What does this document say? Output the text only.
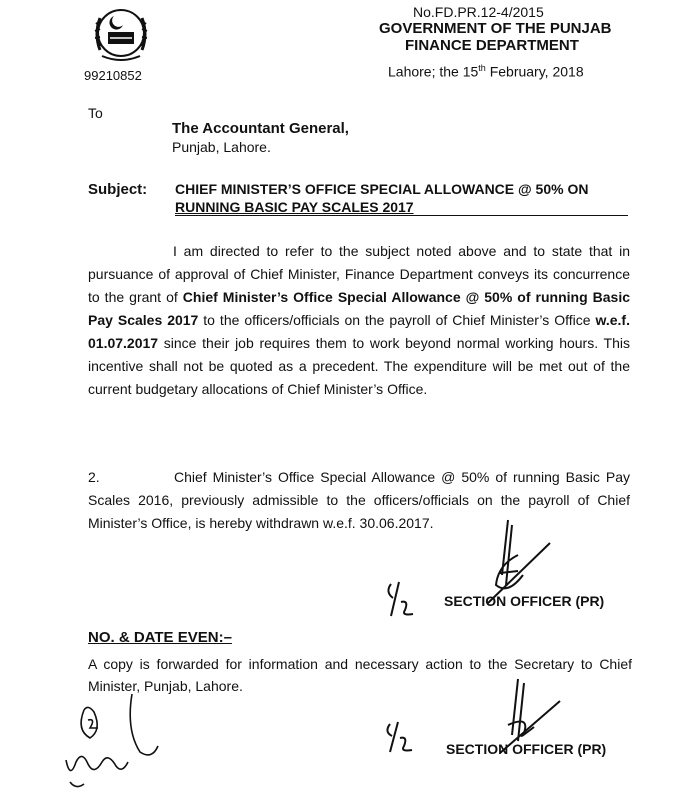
99210852
No.FD.PR.12-4/2015
GOVERNMENT OF THE PUNJAB
FINANCE DEPARTMENT
Lahore; the 15th February, 2018
To
The Accountant General,
Punjab, Lahore.
Subject: CHIEF MINISTER’S OFFICE SPECIAL ALLOWANCE @ 50% ON
RUNNING BASIC PAY SCALES 2017
I am directed to refer to the subject noted above and to state that in pursuance of approval of Chief Minister, Finance Department conveys its concurrence to the grant of Chief Minister’s Office Special Allowance @ 50% of running Basic Pay Scales 2017 to the officers/officials on the payroll of Chief Minister’s Office w.e.f. 01.07.2017 since their job requires them to work beyond normal working hours. This incentive shall not be quoted as a precedent. The expenditure will be met out of the current budgetary allocations of Chief Minister’s Office.
2.	Chief Minister’s Office Special Allowance @ 50% of running Basic Pay Scales 2016, previously admissible to the officers/officials on the payroll of Chief Minister’s Office, is hereby withdrawn w.e.f. 30.06.2017.
SECTION OFFICER (PR)
NO. & DATE EVEN:–
A copy is forwarded for information and necessary action to the Secretary to Chief Minister, Punjab, Lahore.
SECTION OFFICER (PR)
